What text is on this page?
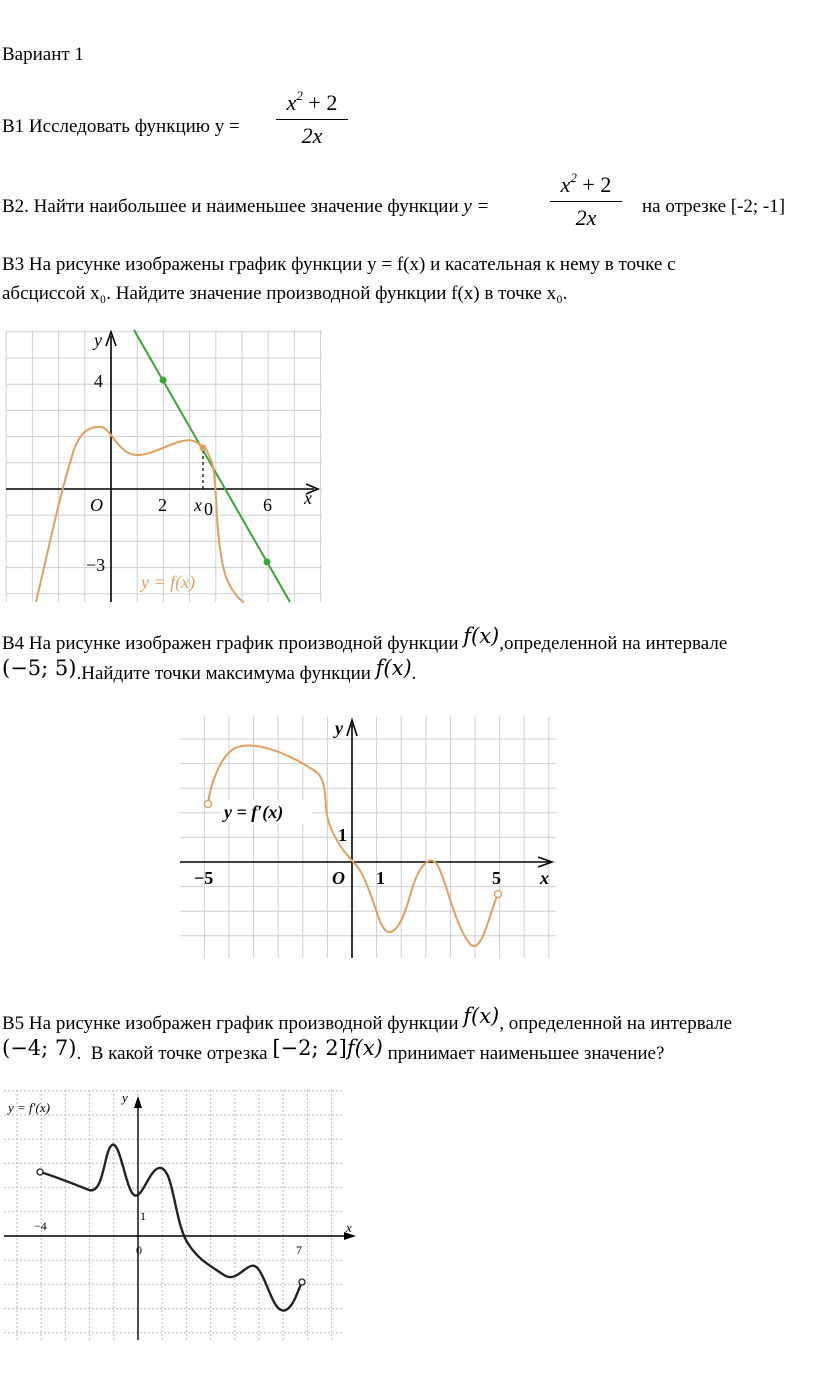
Вариант 1
В1 Исследовать функцию у =
$x^2 + 2$
2x
В2. Найти наибольшее и наименьшее значение функции y =
$x^2 + 2$
2x	на отрезке [-2; -1]
В3 На рисунке изображены график функции y = f(x) и касательная к нему в точке с
абсциссой x₀. Найдите значение производной функции f(x) в точке x₀.
y
x
O	2 x 0	6
4
−3
y = f(x)
В4 На рисунке изображен график производной функции f(x),определенной на интервале
(−5; 5).Найдите точки максимума функции f(x).
y = f′(x)
y
x
O 1	5
−5
1
В5 На рисунке изображен график производной функции f(x), определенной на интервале
(−4; 7). В какой точке отрезка [−2; 2]f(x) принимает наименьшее значение?
y = f′(x)
y
x
0
−4
7
1
